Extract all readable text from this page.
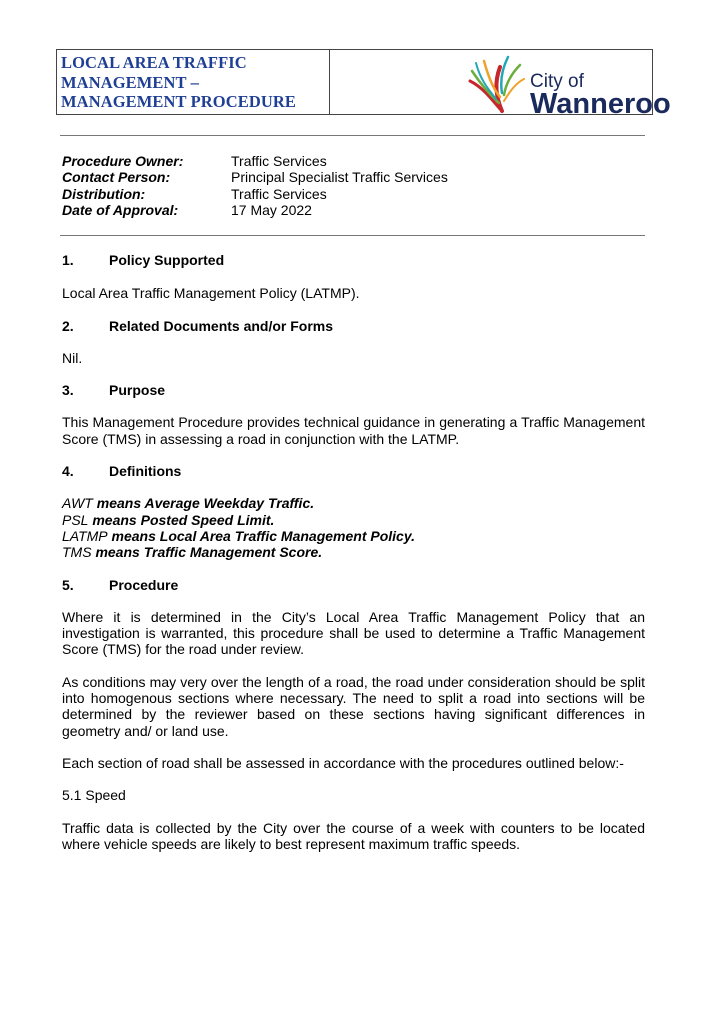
LOCAL AREA TRAFFIC
MANAGEMENT –
MANAGEMENT PROCEDURE

City of
Wanneroo
Procedure Owner:	Traffic Services
Contact Person:	Principal Specialist Traffic Services
Distribution:	Traffic Services
Date of Approval:	17 May 2022
1.	Policy Supported

Local Area Traffic Management Policy (LATMP).

2.	Related Documents and/or Forms

Nil.

3.	Purpose

This Management Procedure provides technical guidance in generating a Traffic Management Score (TMS) in assessing a road in conjunction with the LATMP.

4.	Definitions

AWT means Average Weekday Traffic.

PSL means Posted Speed Limit.

LATMP means Local Area Traffic Management Policy.

TMS means Traffic Management Score.

5.	Procedure

Where it is determined in the City’s Local Area Traffic Management Policy that an investigation is warranted, this procedure shall be used to determine a Traffic Management Score (TMS) for the road under review.

As conditions may very over the length of a road, the road under consideration should be split into homogenous sections where necessary. The need to split a road into sections will be determined by the reviewer based on these sections having significant differences in geometry and/ or land use.

Each section of road shall be assessed in accordance with the procedures outlined below:-

5.1 Speed

Traffic data is collected by the City over the course of a week with counters to be located where vehicle speeds are likely to best represent maximum traffic speeds.
